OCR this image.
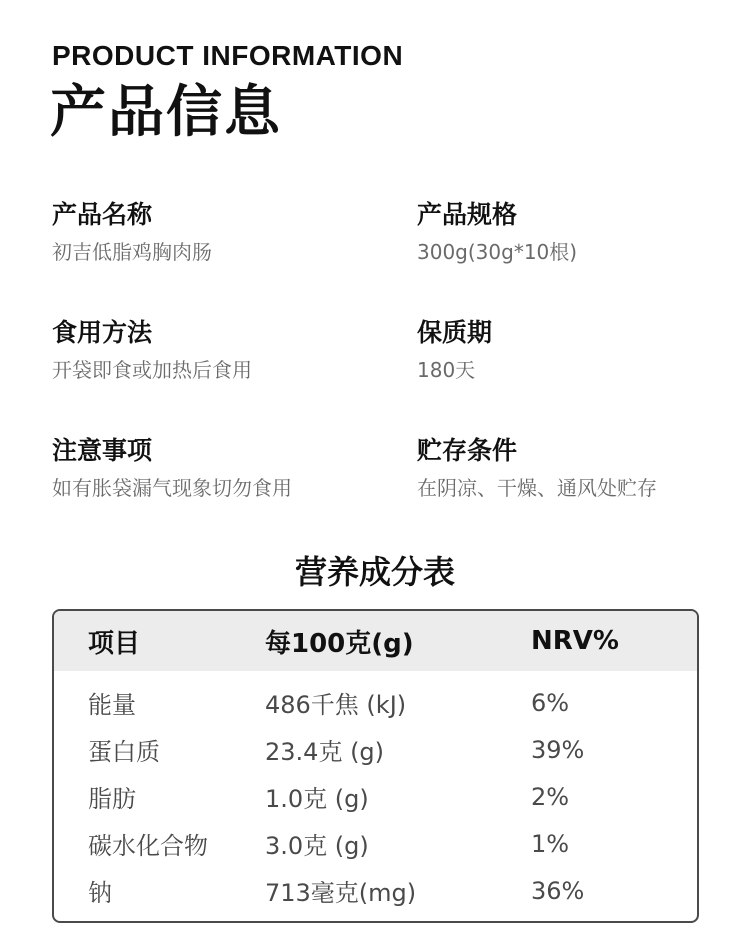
PRODUCT INFORMATION
产品信息
产品名称
初吉低脂鸡胸肉肠
产品规格
300g(30g*10根)
食用方法
开袋即食或加热后食用
保质期
180天
注意事项
如有胀袋漏气现象切勿食用
贮存条件
在阴凉、干燥、通风处贮存
营养成分表
项目	每100克(g)	NRV%
能量	486千焦 (kJ)	6%
蛋白质	23.4克 (g)	39%
脂肪	1.0克 (g)	2%
碳水化合物	3.0克 (g)	1%
钠	713毫克(mg)	36%
